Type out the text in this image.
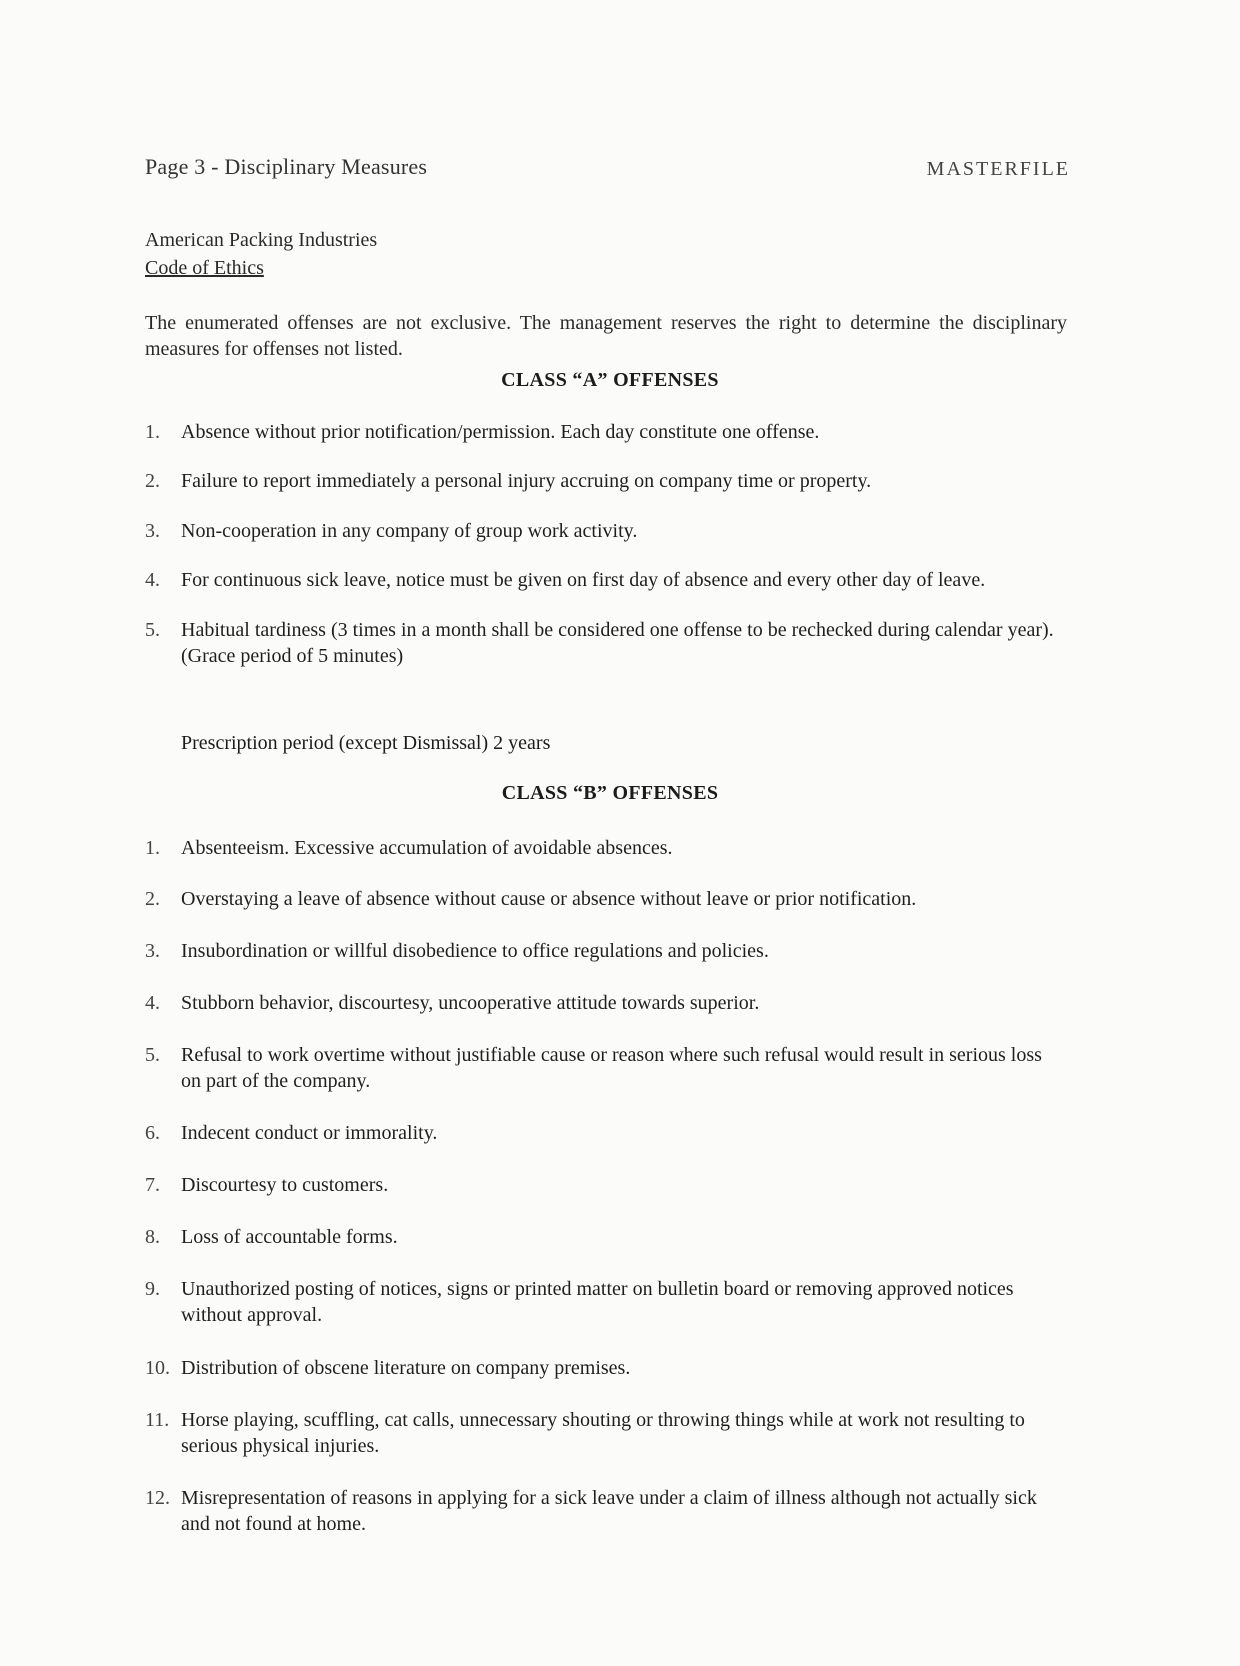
Page 3 - Disciplinary Measures	MASTERFILE
American Packing Industries
Code of Ethics
The enumerated offenses are not exclusive. The management reserves the right to determine the disciplinary measures for offenses not listed.
CLASS “A” OFFENSES
1.	Absence without prior notification/permission. Each day constitute one offense.
2.	Failure to report immediately a personal injury accruing on company time or property.
3.	Non-cooperation in any company of group work activity.
4.	For continuous sick leave, notice must be given on first day of absence and every other day of leave.
5.	Habitual tardiness (3 times in a month shall be considered one offense to be rechecked during calendar year). (Grace period of 5 minutes)
Prescription period (except Dismissal) 2 years
CLASS “B” OFFENSES
1.	Absenteeism. Excessive accumulation of avoidable absences.
2.	Overstaying a leave of absence without cause or absence without leave or prior notification.
3.	Insubordination or willful disobedience to office regulations and policies.
4.	Stubborn behavior, discourtesy, uncooperative attitude towards superior.
5.	Refusal to work overtime without justifiable cause or reason where such refusal would result in serious loss on part of the company.
6.	Indecent conduct or immorality.
7.	Discourtesy to customers.
8.	Loss of accountable forms.
9.	Unauthorized posting of notices, signs or printed matter on bulletin board or removing approved notices without approval.
10. Distribution of obscene literature on company premises.
11. Horse playing, scuffling, cat calls, unnecessary shouting or throwing things while at work not resulting to serious physical injuries.
12. Misrepresentation of reasons in applying for a sick leave under a claim of illness although not actually sick and not found at home.
